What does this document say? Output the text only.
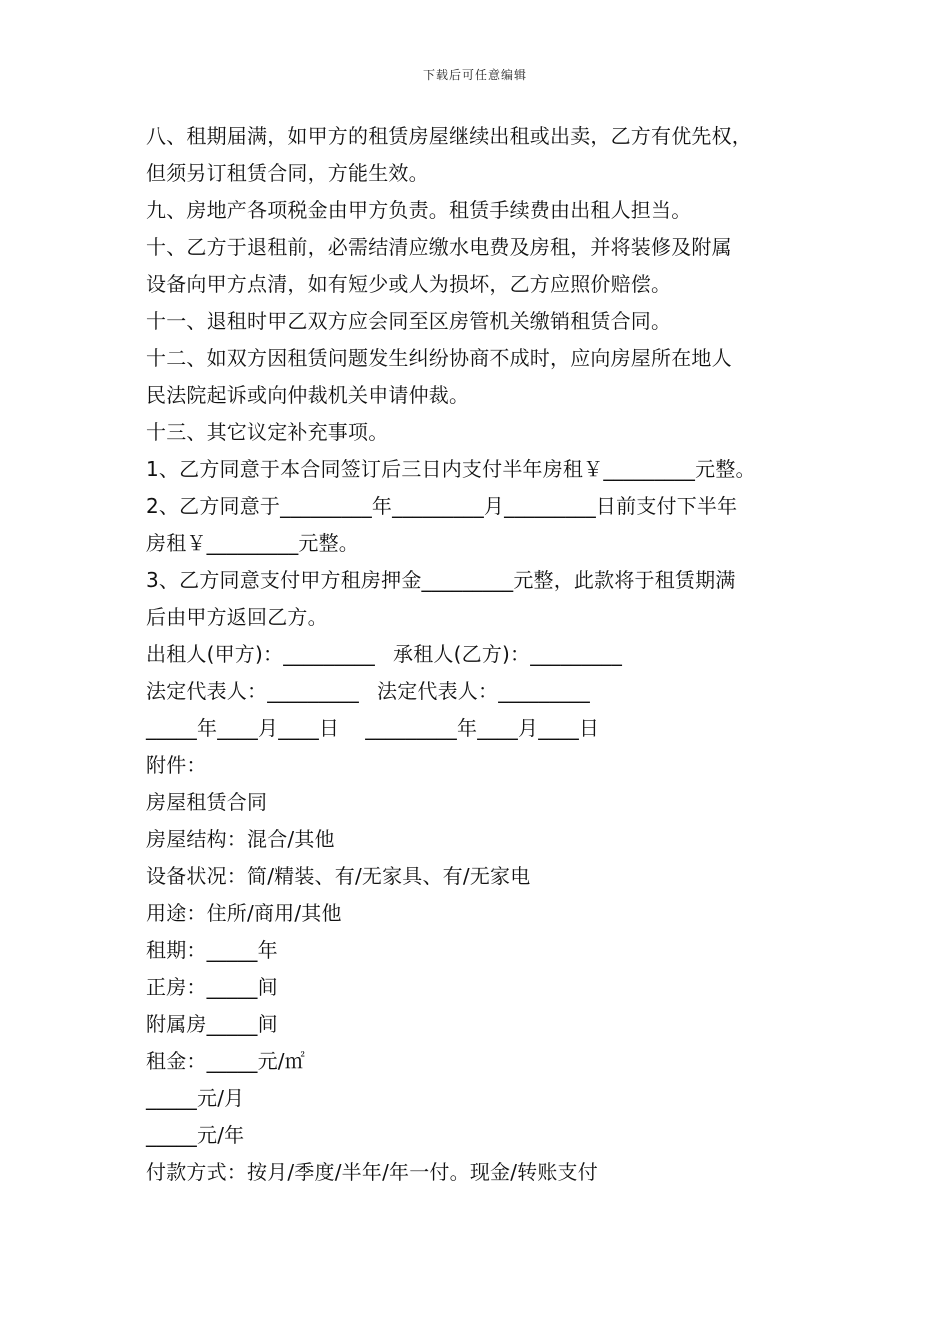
下载后可任意编辑
八、租期届满，如甲方的租赁房屋继续出租或出卖，乙方有优先权，
但须另订租赁合同，方能生效。
九、房地产各项税金由甲方负责。租赁手续费由出租人担当。
十、乙方于退租前，必需结清应缴水电费及房租，并将装修及附属
设备向甲方点清，如有短少或人为损坏，乙方应照价赔偿。
十一、退租时甲乙双方应会同至区房管机关缴销租赁合同。
十二、如双方因租赁问题发生纠纷协商不成时，应向房屋所在地人
民法院起诉或向仲裁机关申请仲裁。
十三、其它议定补充事项。
1、乙方同意于本合同签订后三日内支付半年房租￥_________元整。
2、乙方同意于_________年_________月_________日前支付下半年
房租￥_________元整。
3、乙方同意支付甲方租房押金_________元整，此款将于租赁期满
后由甲方返回乙方。
出租人(甲方)：_________ 承租人(乙方)：_________
法定代表人：_________ 法定代表人：_________
_____年____月____日 _________年____月____日
附件：
房屋租赁合同
房屋结构：混合/其他
设备状况：简/精装、有/无家具、有/无家电
用途：住所/商用/其他
租期：_____年
正房：_____间
附属房_____间
租金：_____元/㎡
_____元/月
_____元/年
付款方式：按月/季度/半年/年一付。现金/转账支付
